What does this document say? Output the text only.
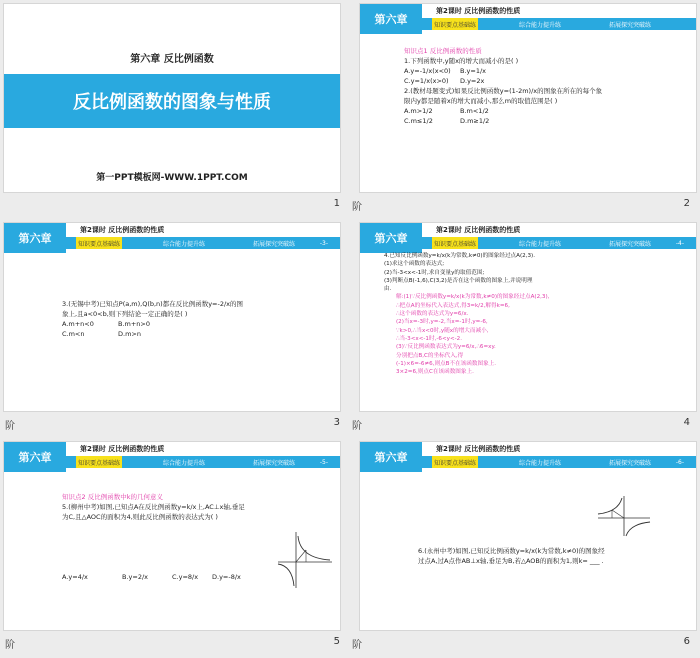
第六章 反比例函数
反比例函数的图象与性质
第一PPT模板网-WWW.1PPT.COM
1
第六章
第2课时 反比例函数的性质
知识要点基础练	综合能力提升练	拓展探究突破练
知识点1 反比例函数的性质
1.下列函数中,y随x的增大而减小的是( )
A.y=-1/x(x<0)	B.y=1/x
C.y=1/x(x>0)	D.y=2x
2.(教材母题变式)如果反比例函数y=(1-2m)/x的图象在所在的每个象
限内y都是随着x的增大而减小,那么m的取值范围是( )
A.m>1/2	B.m<1/2
C.m≤1/2	D.m≥1/2
阶	2
第六章
第2课时 反比例函数的性质
知识要点基础练	综合能力提升练	拓展探究突破练	-3-
3.(无锡中考)已知点P(a,m),Q(b,n)都在反比例函数y=-2/x的图
象上,且a<0<b,则下列结论一定正确的是( )
A.m+n<0	B.m+n>0
C.m<n	D.m>n
阶	3
第六章
第2课时 反比例函数的性质
知识要点基础练	综合能力提升练	拓展探究突破练	-4-
4.已知反比例函数y=k/x(k为常数,k≠0)的图象经过点A(2,3).
(1)求这个函数的表达式;
(2)当-3<x<-1时,求自变量y的取值范围;
(3)判断点B(-1,6),C(3,2)是否在这个函数的图象上,并说明理
由.
解:(1)∵反比例函数y=k/x(k为常数,k≠0)的图象经过点A(2,3),
∴把点A的坐标代入表达式,得3=k/2,解得k=6,
∴这个函数的表达式为y=6/x.
(2)当x=-3时,y=-2,当x=-1时,y=-6,
∵k>0,∴当x<0时,y随x的增大而减小,
∴当-3<x<-1时,-6<y<-2.
(3)∵反比例函数表达式为y=6/x,∴6=xy.
分别把点B,C的坐标代入,得
(-1)×6=-6≠6,则点B不在该函数图象上.
3×2=6,则点C在该函数图象上.
阶	4
第六章
第2课时 反比例函数的性质
知识要点基础练	综合能力提升练	拓展探究突破练	-5-
知识点2 反比例函数中k的几何意义
5.(柳州中考)如图,已知点A在反比例函数y=k/x上,AC⊥x轴,垂足
为C,且△AOC的面积为4,则此反比例函数的表达式为( )
A.y=4/x	B.y=2/x	C.y=8/x	D.y=-8/x
阶	5
第六章
第2课时 反比例函数的性质
知识要点基础练	综合能力提升练	拓展探究突破练	-6-
6.(永州中考)如图,已知反比例函数y=k/x(k为常数,k≠0)的图象经
过点A,过A点作AB⊥x轴,垂足为B,若△AOB的面积为1,则k= ___ .
阶	6
